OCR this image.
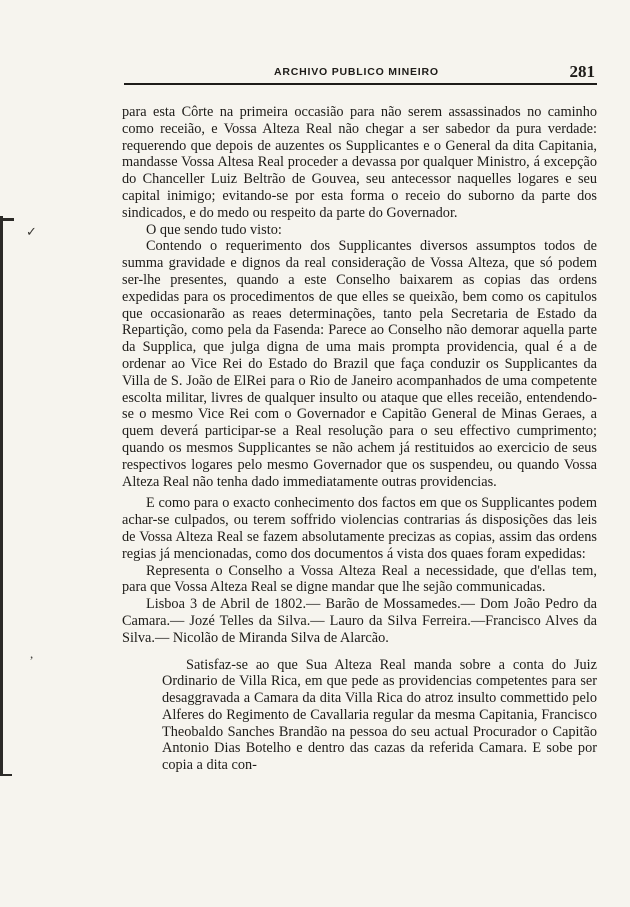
ARCHIVO PUBLICO MINEIRO	281

para esta Côrte na primeira occasião para não serem assassinados no caminho como receião, e Vossa Alteza Real não chegar a ser sabedor da pura verdade: requerendo que depois de auzentes os Supplicantes e o General da dita Capitania, mandasse Vossa Altesa Real proceder a devassa por qualquer Ministro, á excepção do Chanceller Luiz Beltrão de Gouvea, seu antecessor naquelles logares e seu capital inimigo; evitando-se por esta forma o receio do suborno da parte dos sindicados, e do medo ou respeito da parte do Governador.

O que sendo tudo visto:

Contendo o requerimento dos Supplicantes diversos assumptos todos de summa gravidade e dignos da real consideração de Vossa Alteza, que só podem ser-lhe presentes, quando a este Conselho baixarem as copias das ordens expedidas para os procedimentos de que elles se queixão, bem como os capitulos que occasionarão as reaes determinações, tanto pela Secretaria de Estado da Repartição, como pela da Fasenda: Parece ao Conselho não demorar aquella parte da Supplica, que julga digna de uma mais prompta providencia, qual é a de ordenar ao Vice Rei do Estado do Brazil que faça conduzir os Supplicantes da Villa de S. João de ElRei para o Rio de Janeiro acompanhados de uma competente escolta militar, livres de qualquer insulto ou ataque que elles receião, entendendo-se o mesmo Vice Rei com o Governador e Capitão General de Minas Geraes, a quem deverá participar-se a Real resolução para o seu effectivo cumprimento; quando os mesmos Supplicantes se não achem já restituidos ao exercicio de seus respectivos logares pelo mesmo Governador que os suspendeu, ou quando Vossa Alteza Real não tenha dado immediatamente outras providencias.

E como para o exacto conhecimento dos factos em que os Supplicantes podem achar-se culpados, ou terem soffrido violencias contrarias ás disposições das leis de Vossa Alteza Real se fazem absolutamente precizas as copias, assim das ordens regias já mencionadas, como dos documentos á vista dos quaes foram expedidas:

Representa o Conselho a Vossa Alteza Real a necessidade, que d'ellas tem, para que Vossa Alteza Real se digne mandar que lhe sejão communicadas.

Lisboa 3 de Abril de 1802.— Barão de Mossamedes.— Dom João Pedro da Camara.— Jozé Telles da Silva.— Lauro da Silva Ferreira.—Francisco Alves da Silva.— Nicolão de Miranda Silva de Alarcão.

Satisfaz-se ao que Sua Alteza Real manda sobre a conta do Juiz Ordinario de Villa Rica, em que pede as providencias competentes para ser desaggravada a Camara da dita Villa Rica do atroz insulto commettido pelo Alferes do Regimento de Cavallaria regular da mesma Capitania, Francisco Theobaldo Sanches Brandão na pessoa do seu actual Procurador o Capitão Antonio Dias Botelho e dentro das cazas da referida Camara. E sobe por copia a dita con-

✓
,
